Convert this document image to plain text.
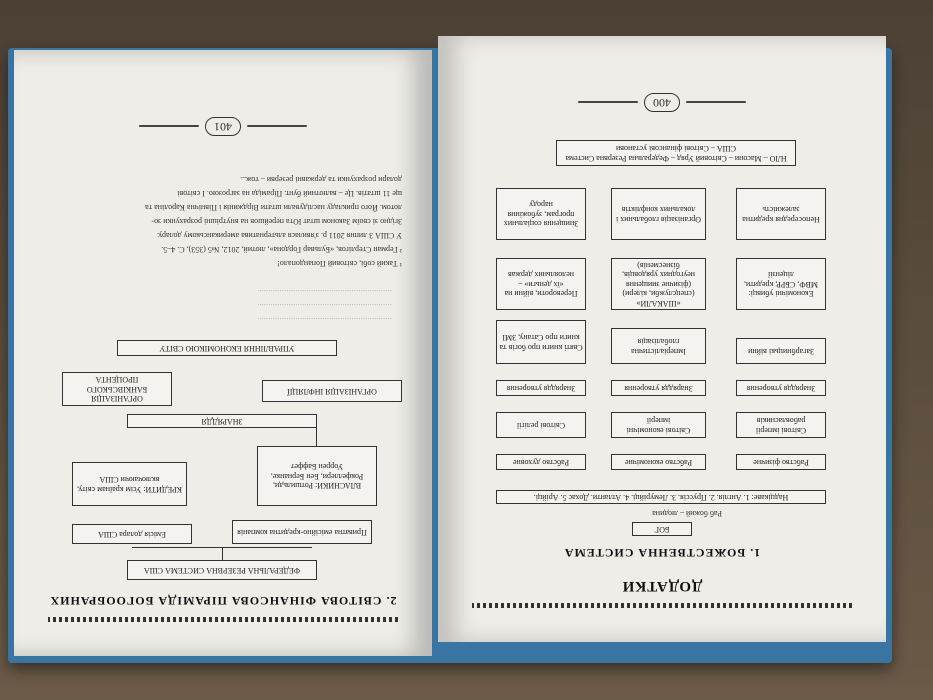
2. СВІТОВА ФІНАНСОВА ПІРАМІДА БОГООБРАНИХ
ФЕДЕРАЛЬНА РЕЗЕРВНА СИСТЕМА США
Приватна емісійно-кредитна компанія
Емісія долара США
ВЛАСНИКИ: Ротшильди, Рокфеллери, Бен Бернанке, Уоррен Баффет
КРЕДИТИ: Усім країнам світу, включаючи США
ЗНАРЯДДЯ
ОРГАНІЗАЦІЯ ІНФЛЯЦІЇ
ОРГАНІЗАЦІЯ БАНКІВСЬКОГО ПРОЦЕНТА
УПРАВЛІННЯ ЕКОНОМІКОЮ СВІТУ
............................................................
............................................................
............................................................
¹ Такий собі, світовий Попандопало!
² Герман Стерлігов, «Бульвар Гордона», лютий, 2012, №5 (353), С. 4–5.
У США 3 липня 2011 р. з'явилася альтернатива американському долару.
Згідно зі своїм Законом штат Юта перейшов на внутрішні розрахунки зо-
лотом. Його прикладу наслідували штати Вірджинія і Північна Кароліна та
ще 11 штатів. Це – валютний бунт. Піраміда на загрозою. І світові
долари розрахунки та державні резерви – тож...
401
ДОДАТКИ
1. БОЖЕСТВЕННА СИСТЕМА
БОГ
Раб божий – людина
Надцікаве: 1. Англія. 2. Пруссія. 3. Лемурійці. 4. Атланти. Дохас 5. Арійці.
Рабство фізичне
Рабство економічне
Рабство духовне
Світові імперії рабовласників
Світові економічні імперії
Світові релігії
Знаряддя утворення
Знаряддя утворення
Знаряддя утворення
Загарбницькі війни
Імперіалістична глобалізація
Святі книги про богів та книги про Сатану, ЗМІ
Економічні убивці: МВФ, СБРР, кредити, ліцензії
«ШАКАЛИ» (спецслужби, кілери) (фізичне знищення неугодних урядовців, бізнесменів)
Перевороти, війни на «їх деньги» – нелояльних держав
Непосередня кредитна залежність
Організація глобальних і локальних конфліктів
Знищення соціальних програм, зубожіння народу
НЛО – Масони – Світовий Уряд – Федеральна Резервна Система США – Світові фінансові установи
400
